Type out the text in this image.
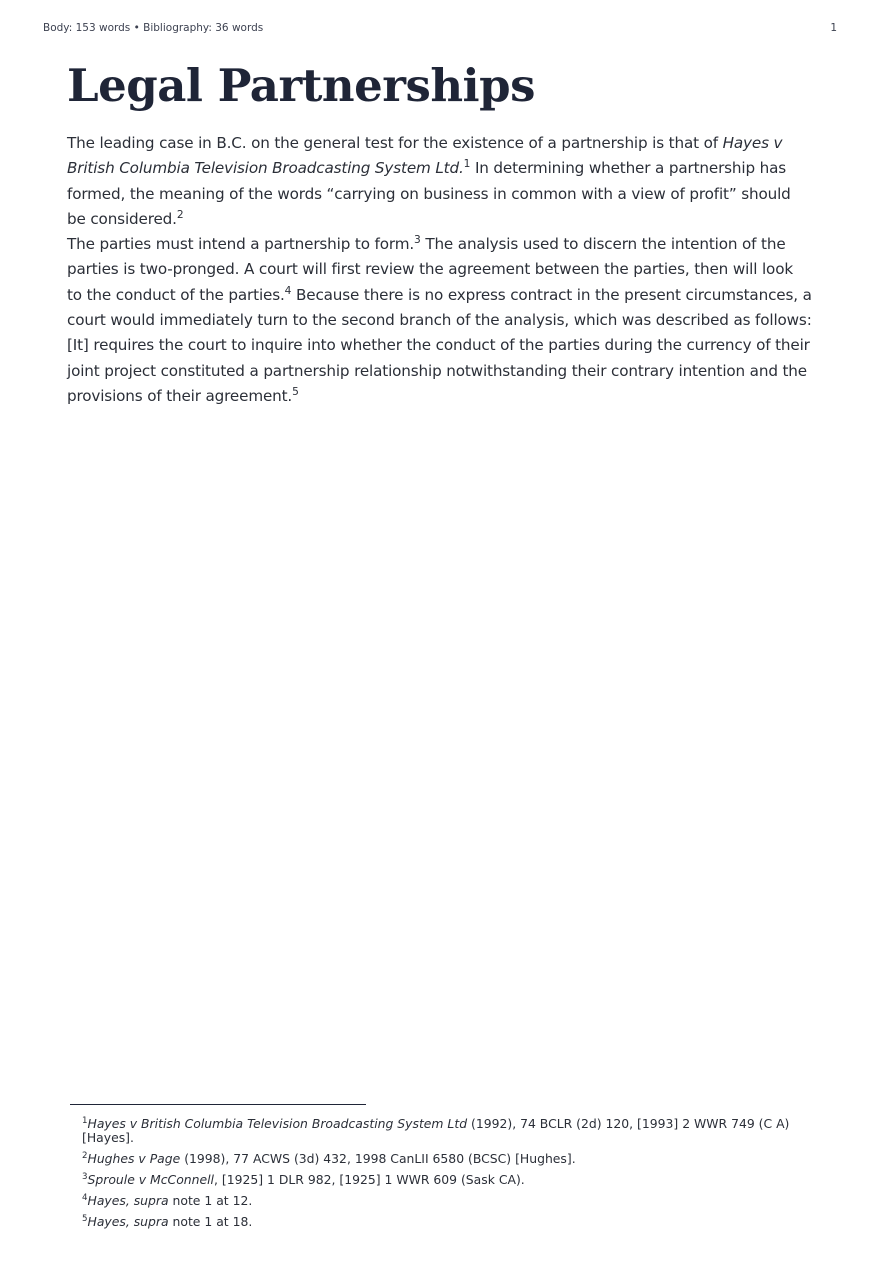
Body: 153 words • Bibliography: 36 words	1
Legal Partnerships

The leading case in B.C. on the general test for the existence of a partnership is that of Hayes v British Columbia Television Broadcasting System Ltd.$^1$ In determining whether a partnership has formed, the meaning of the words “carrying on business in common with a view of profit” should be considered.$^2$

The parties must intend a partnership to form.$^3$ The analysis used to discern the intention of the parties is two-pronged. A court will first review the agreement between the parties, then will look to the conduct of the parties.$^4$ Because there is no express contract in the present circumstances, a court would immediately turn to the second branch of the analysis, which was described as follows:

[It] requires the court to inquire into whether the conduct of the parties during the currency of their joint project constituted a partnership relationship notwithstanding their contrary intention and the provisions of their agreement.$^5$

$^1$Hayes v British Columbia Television Broadcasting System Ltd (1992), 74 BCLR (2d) 120, [1993] 2 WWR 749 (C A) [Hayes].

$^2$Hughes v Page (1998), 77 ACWS (3d) 432, 1998 CanLII 6580 (BCSC) [Hughes].

$^3$Sproule v McConnell, [1925] 1 DLR 982, [1925] 1 WWR 609 (Sask CA).

$^4$Hayes, supra note 1 at 12.

$^5$Hayes, supra note 1 at 18.
